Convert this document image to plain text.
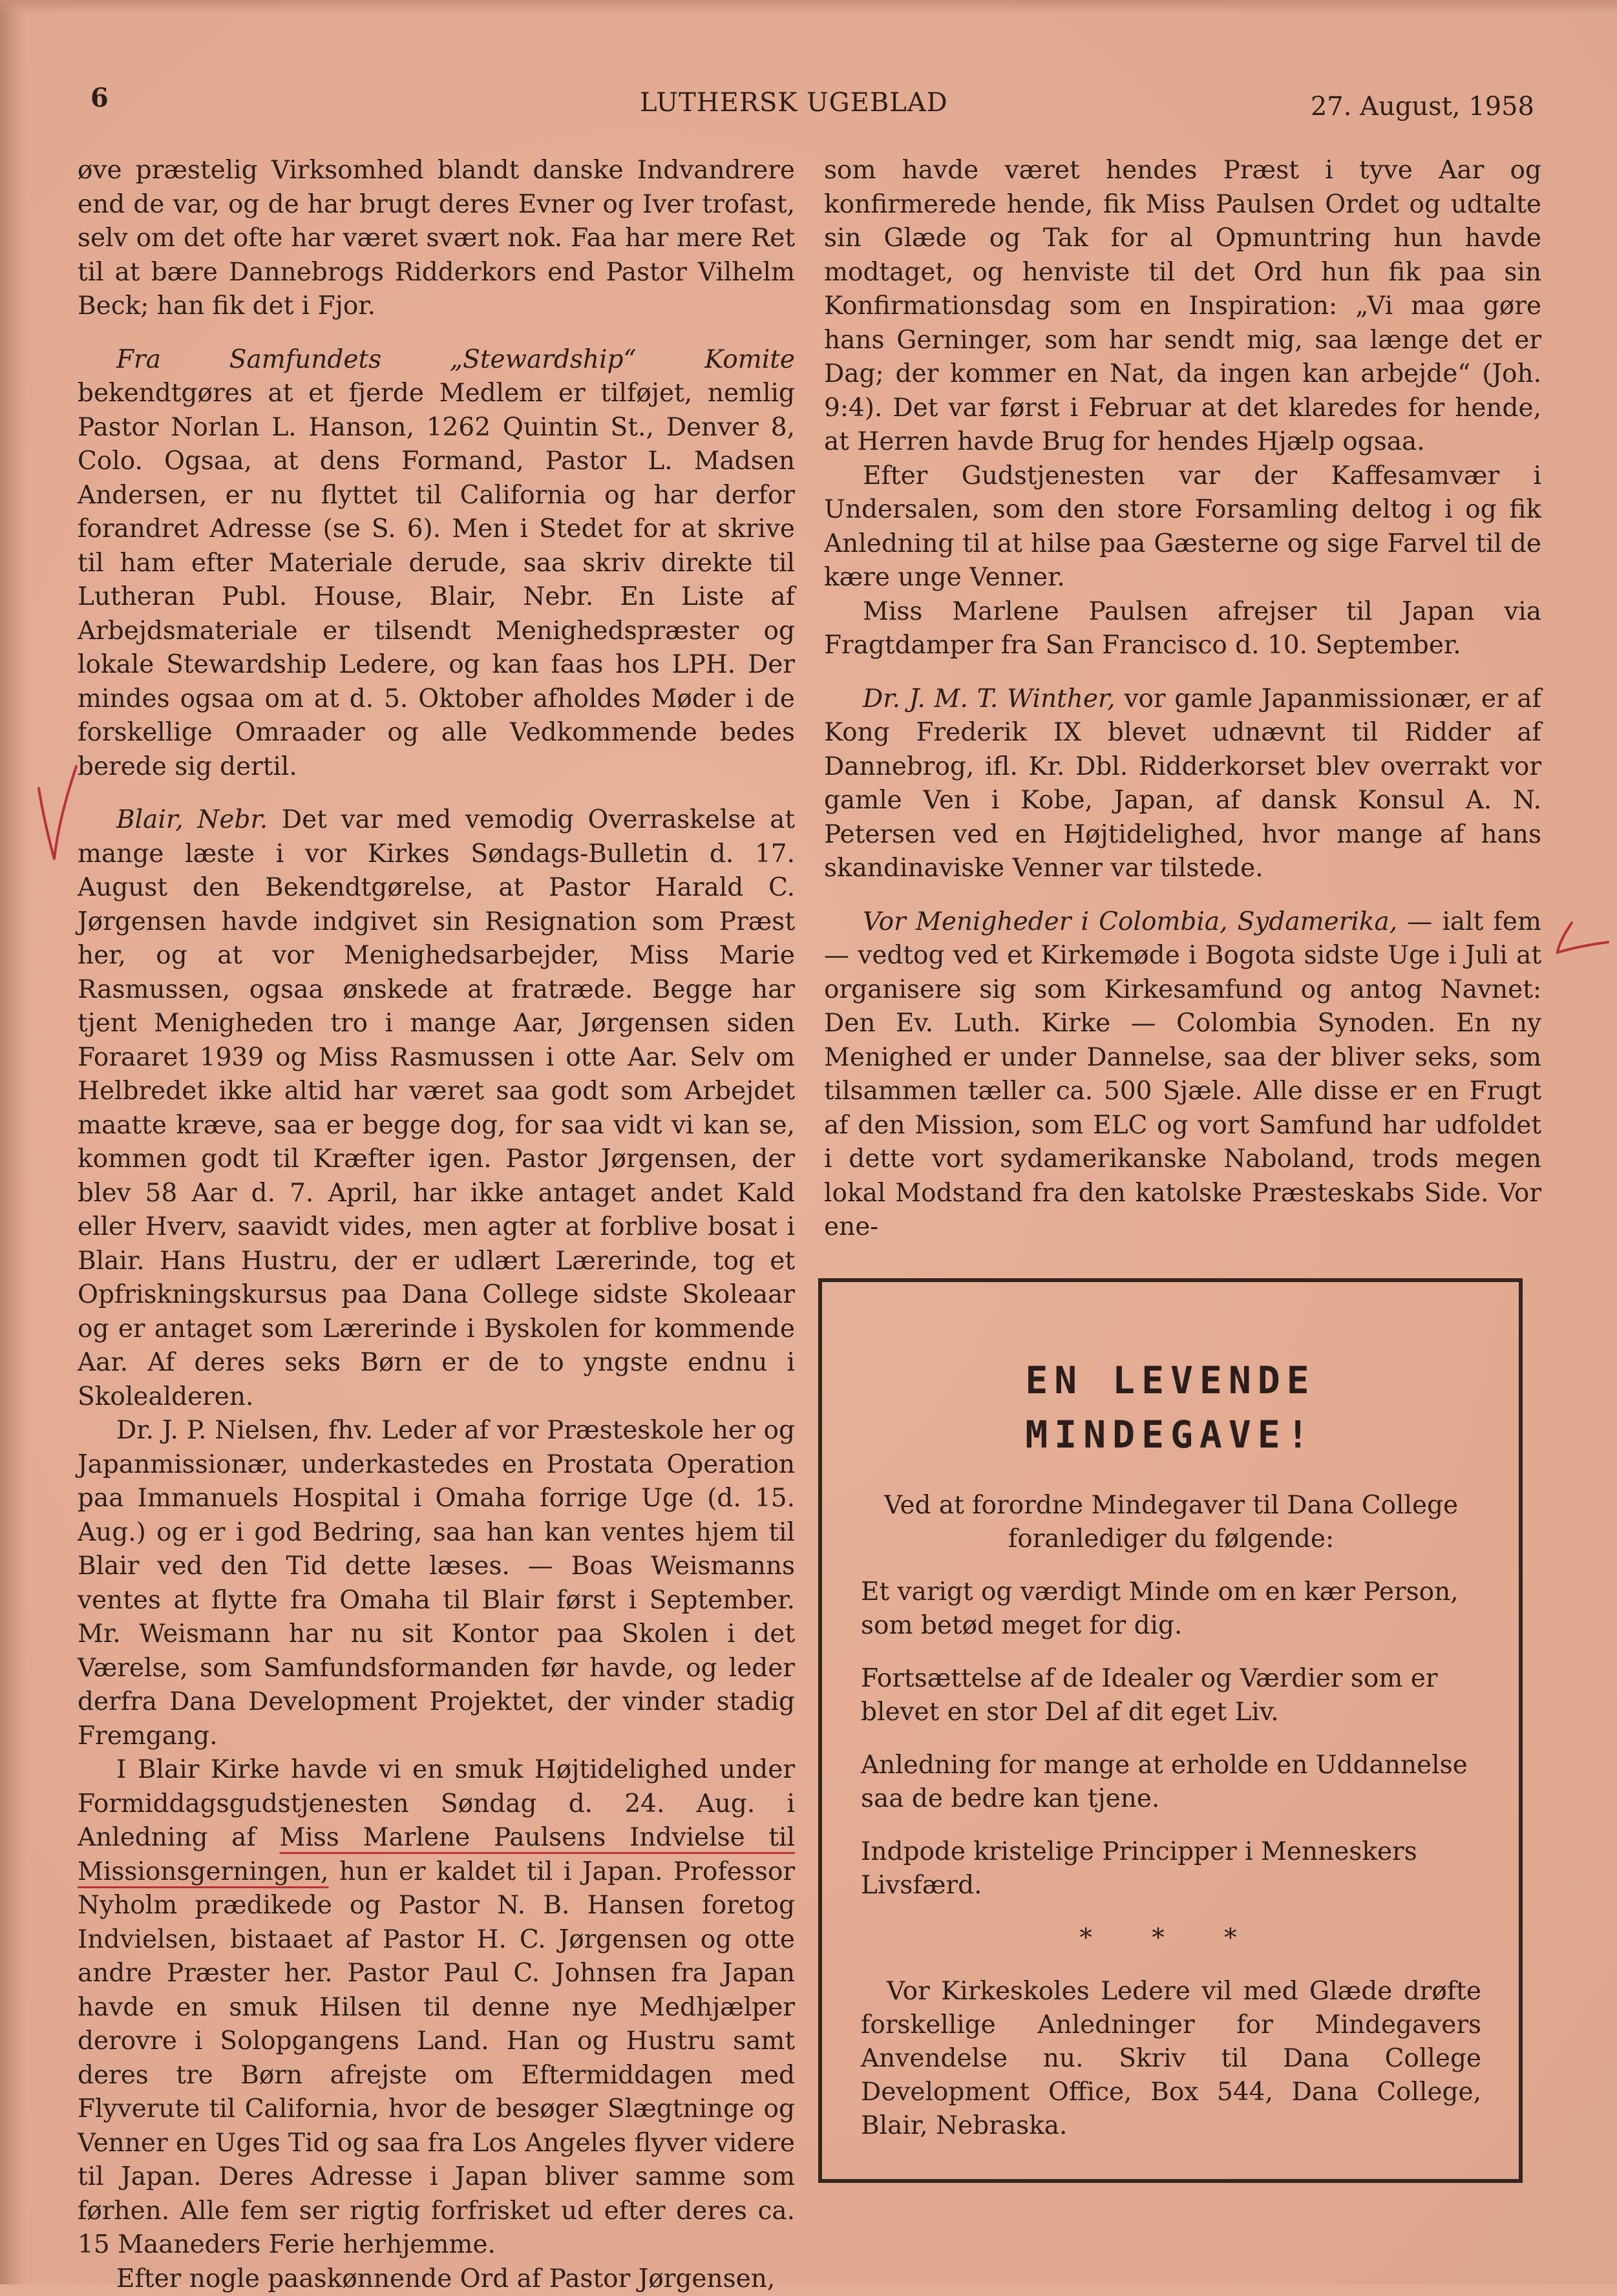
6	LUTHERSK UGEBLAD	27. August, 1958

øve præstelig Virksomhed blandt danske Indvandrere end de var, og de har brugt deres Evner og Iver trofast, selv om det ofte har været svært nok. Faa har mere Ret til at bære Dannebrogs Ridderkors end Pastor Vilhelm Beck; han fik det i Fjor.

Fra Samfundets „Stewardship“ Komite bekendtgøres at et fjerde Medlem er tilføjet, nemlig Pastor Norlan L. Hanson, 1262 Quintin St., Denver 8, Colo. Ogsaa, at dens Formand, Pastor L. Madsen Andersen, er nu flyttet til California og har derfor forandret Adresse (se S. 6). Men i Stedet for at skrive til ham efter Materiale derude, saa skriv direkte til Lutheran Publ. House, Blair, Nebr. En Liste af Arbejdsmateriale er tilsendt Menighedspræster og lokale Stewardship Ledere, og kan faas hos LPH. Der mindes ogsaa om at d. 5. Oktober afholdes Møder i de forskellige Omraader og alle Vedkommende bedes berede sig dertil.

Blair, Nebr. Det var med vemodig Overraskelse at mange læste i vor Kirkes Søndags-Bulletin d. 17. August den Bekendtgørelse, at Pastor Harald C. Jørgensen havde indgivet sin Resignation som Præst her, og at vor Menighedsarbejder, Miss Marie Rasmussen, ogsaa ønskede at fratræde. Begge har tjent Menigheden tro i mange Aar, Jørgensen siden Foraaret 1939 og Miss Rasmussen i otte Aar. Selv om Helbredet ikke altid har været saa godt som Arbejdet maatte kræve, saa er begge dog, for saa vidt vi kan se, kommen godt til Kræfter igen. Pastor Jørgensen, der blev 58 Aar d. 7. April, har ikke antaget andet Kald eller Hverv, saavidt vides, men agter at forblive bosat i Blair. Hans Hustru, der er udlært Lærerinde, tog et Opfriskningskursus paa Dana College sidste Skoleaar og er antaget som Lærerinde i Byskolen for kommende Aar. Af deres seks Børn er de to yngste endnu i Skolealderen.

Dr. J. P. Nielsen, fhv. Leder af vor Præsteskole her og Japanmissionær, underkastedes en Prostata Operation paa Immanuels Hospital i Omaha forrige Uge (d. 15. Aug.) og er i god Bedring, saa han kan ventes hjem til Blair ved den Tid dette læses. — Boas Weismanns ventes at flytte fra Omaha til Blair først i September. Mr. Weismann har nu sit Kontor paa Skolen i det Værelse, som Samfundsformanden før havde, og leder derfra Dana Development Projektet, der vinder stadig Fremgang.

I Blair Kirke havde vi en smuk Højtidelighed under Formiddagsgudstjenesten Søndag d. 24. Aug. i Anledning af Miss Marlene Paulsens Indvielse til Missionsgerningen, hun er kaldet til i Japan. Professor Nyholm prædikede og Pastor N. B. Hansen foretog Indvielsen, bistaaet af Pastor H. C. Jørgensen og otte andre Præster her. Pastor Paul C. Johnsen fra Japan havde en smuk Hilsen til denne nye Medhjælper derovre i Solopgangens Land. Han og Hustru samt deres tre Børn afrejste om Eftermiddagen med Flyverute til California, hvor de besøger Slægtninge og Venner en Uges Tid og saa fra Los Angeles flyver videre til Japan. Deres Adresse i Japan bliver samme som førhen. Alle fem ser rigtig forfrisket ud efter deres ca. 15 Maaneders Ferie herhjemme.

Efter nogle paaskønnende Ord af Pastor Jørgensen,

som havde været hendes Præst i tyve Aar og konfirmerede hende, fik Miss Paulsen Ordet og udtalte sin Glæde og Tak for al Opmuntring hun havde modtaget, og henviste til det Ord hun fik paa sin Konfirmationsdag som en Inspiration: „Vi maa gøre hans Gerninger, som har sendt mig, saa længe det er Dag; der kommer en Nat, da ingen kan arbejde“ (Joh. 9:4). Det var først i Februar at det klaredes for hende, at Herren havde Brug for hendes Hjælp ogsaa.

Efter Gudstjenesten var der Kaffesamvær i Undersalen, som den store Forsamling deltog i og fik Anledning til at hilse paa Gæsterne og sige Farvel til de kære unge Venner.

Miss Marlene Paulsen afrejser til Japan via Fragtdamper fra San Francisco d. 10. September.

Dr. J. M. T. Winther, vor gamle Japanmissionær, er af Kong Frederik IX blevet udnævnt til Ridder af Dannebrog, ifl. Kr. Dbl. Ridderkorset blev overrakt vor gamle Ven i Kobe, Japan, af dansk Konsul A. N. Petersen ved en Højtidelighed, hvor mange af hans skandinaviske Venner var tilstede.

Vor Menigheder i Colombia, Sydamerika, — ialt fem — vedtog ved et Kirkemøde i Bogota sidste Uge i Juli at organisere sig som Kirkesamfund og antog Navnet: Den Ev. Luth. Kirke — Colombia Synoden. En ny Menighed er under Dannelse, saa der bliver seks, som tilsammen tæller ca. 500 Sjæle. Alle disse er en Frugt af den Mission, som ELC og vort Samfund har udfoldet i dette vort sydamerikanske Naboland, trods megen lokal Modstand fra den katolske Præsteskabs Side. Vor ene-

EN LEVENDE
MINDEGAVE!

Ved at forordne Mindegaver til Dana College foranlediger du følgende:

Et varigt og værdigt Minde om en kær Person, som betød meget for dig.

Fortsættelse af de Idealer og Værdier som er blevet en stor Del af dit eget Liv.

Anledning for mange at erholde en Uddannelse saa de bedre kan tjene.

Indpode kristelige Principper i Menneskers Livsfærd.

* * *

Vor Kirkeskoles Ledere vil med Glæde drøfte forskellige Anledninger for Mindegavers Anvendelse nu. Skriv til Dana College Development Office, Box 544, Dana College, Blair, Nebraska.
